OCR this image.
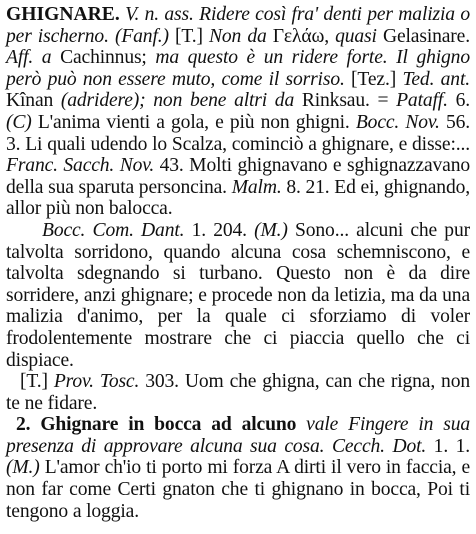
GHIGNARE. V. n. ass. Ridere così fra' denti per malizia o per ischerno. (Fanf.) [T.] Non da Γελάω, quasi Gelasinare. Aff. a Cachinnus; ma questo è un ridere forte. Il ghigno però può non essere muto, come il sorriso. [Tez.] Ted. ant. Kînan (adridere); non bene altri da Rinksau. = Pataff. 6. (C) L'anima vienti a gola, e più non ghigni. Bocc. Nov. 56. 3. Li quali udendo lo Scalza, cominciò a ghignare, e disse:... Franc. Sacch. Nov. 43. Molti ghignavano e sghignazzavano della sua sparuta personcina. Malm. 8. 21. Ed ei, ghignando, allor più non balocca.

Bocc. Com. Dant. 1. 204. (M.) Sono... alcuni che pur talvolta sorridono, quando alcuna cosa schemniscono, e talvolta sdegnando si turbano. Questo non è da dire sorridere, anzi ghignare; e procede non da letizia, ma da una malizia d'animo, per la quale ci sforziamo di voler frodolentemente mostrare che ci piaccia quello che ci dispiace.

[T.] Prov. Tosc. 303. Uom che ghigna, can che rigna, non te ne fidare.

2. Ghignare in bocca ad alcuno vale Fingere in sua presenza di approvare alcuna sua cosa. Cecch. Dot. 1. 1. (M.) L'amor ch'io ti porto mi forza A dirti il vero in faccia, e non far come Certi gnaton che ti ghignano in bocca, Poi ti tengono a loggia.
